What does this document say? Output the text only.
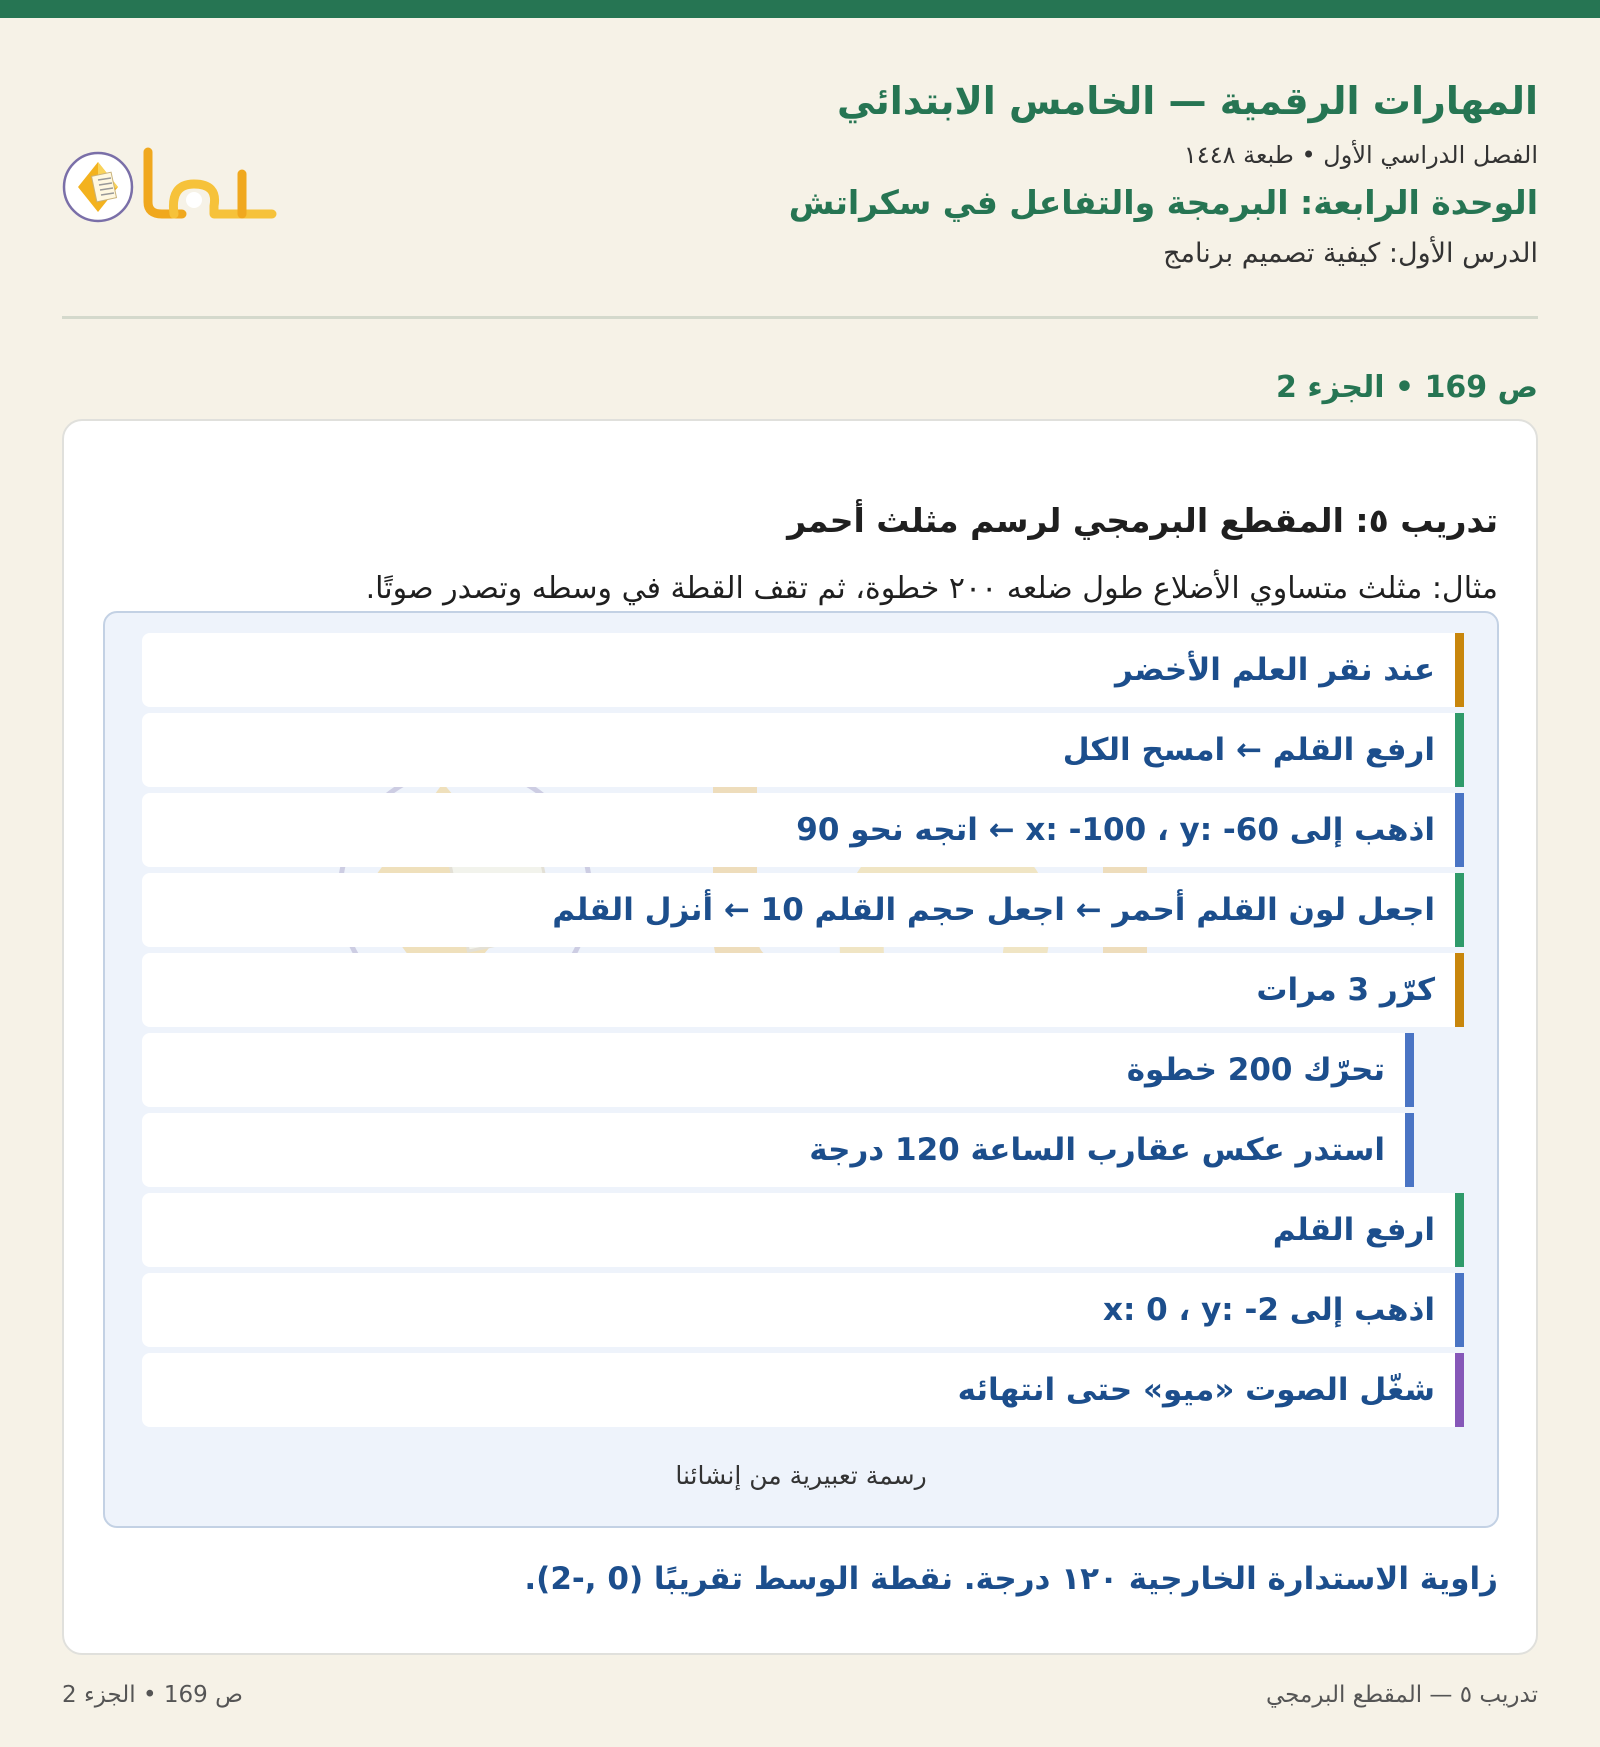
المهارات الرقمية — الخامس الابتدائي
الفصل الدراسي الأول • طبعة ١٤٤٨
الوحدة الرابعة: البرمجة والتفاعل في سكراتش
الدرس الأول: كيفية تصميم برنامج
ص 169 • الجزء 2
تدريب ٥: المقطع البرمجي لرسم مثلث أحمر
مثال: مثلث متساوي الأضلاع طول ضلعه ٢٠٠ خطوة، ثم تقف القطة في وسطه وتصدر صوتًا.
عند نقر العلم الأخضر
ارفع القلم ← امسح الكل
اذهب إلى x: -100 ، y: -60 ← اتجه نحو 90
اجعل لون القلم أحمر ← اجعل حجم القلم 10 ← أنزل القلم
كرّر 3 مرات
تحرّك 200 خطوة
استدر عكس عقارب الساعة 120 درجة
ارفع القلم
اذهب إلى x: 0 ، y: -2
شغّل الصوت «ميو» حتى انتهائه
رسمة تعبيرية من إنشائنا
زاوية الاستدارة الخارجية ١٢٠ درجة. نقطة الوسط تقريبًا (0 ,-2).
تدريب ٥ — المقطع البرمجي
ص 169 • الجزء 2
